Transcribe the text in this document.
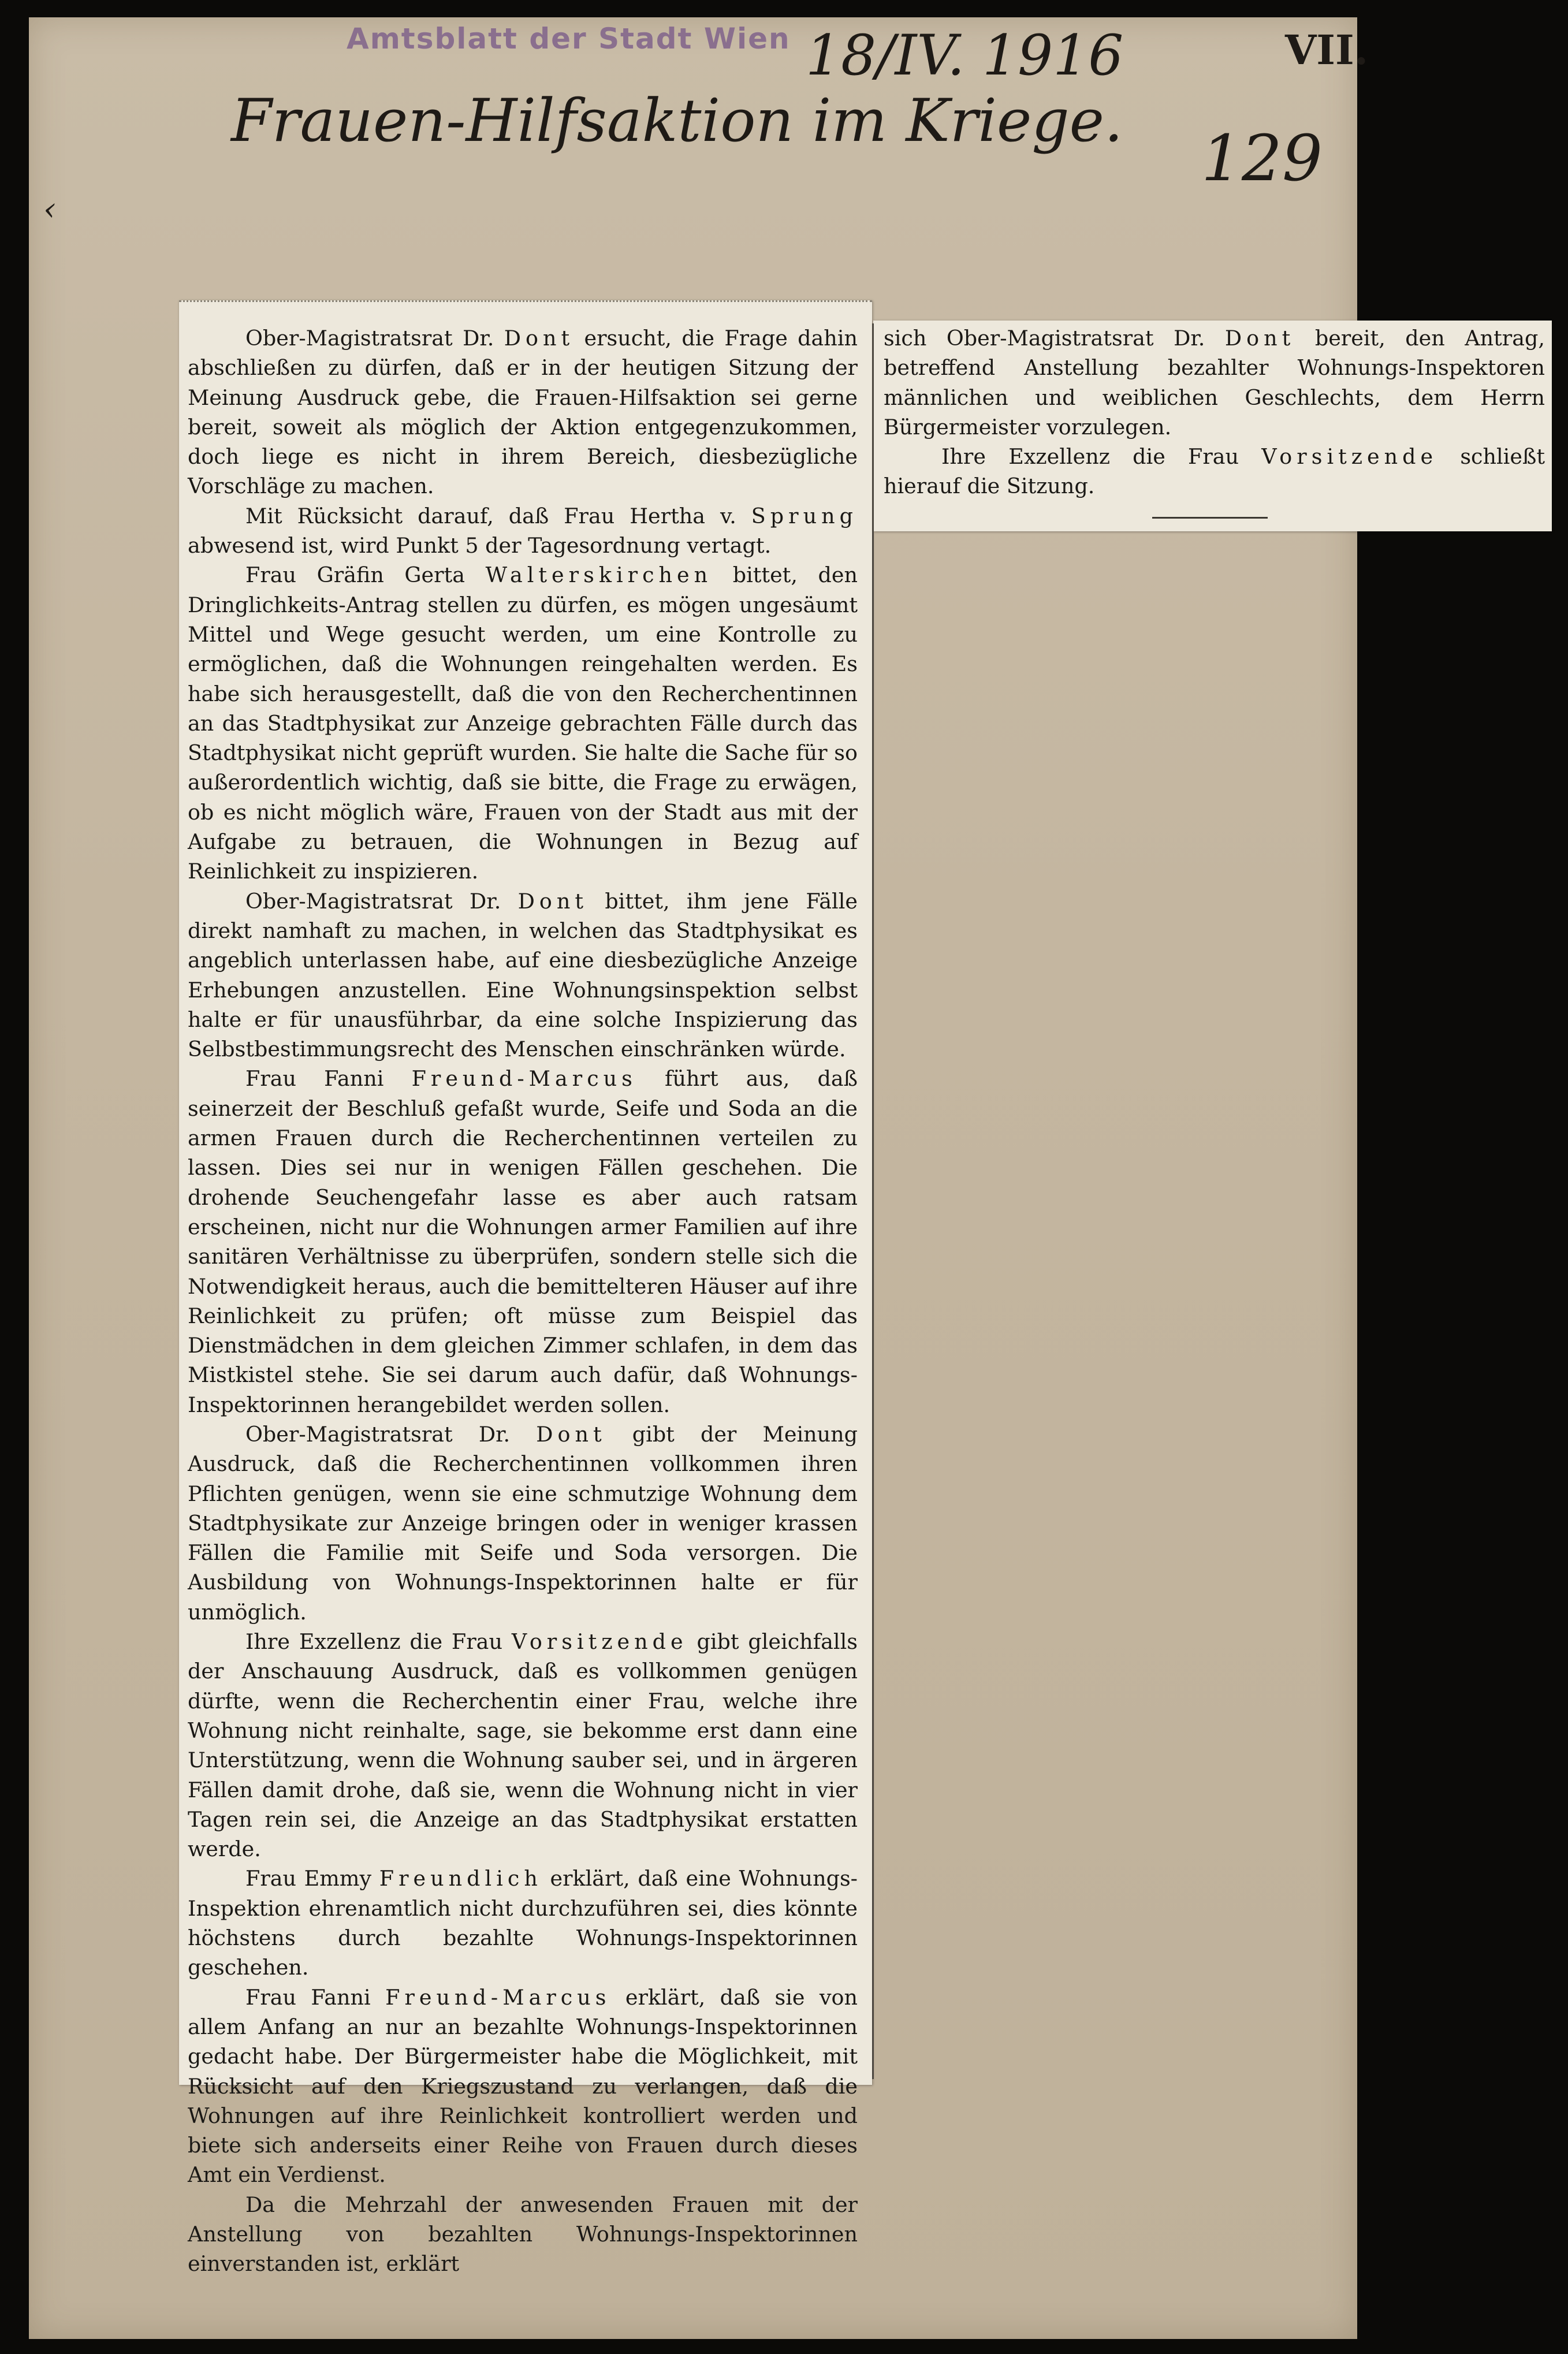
Amtsblatt der Stadt Wien 18/IV. 1916	VII.
Frauen-Hilfsaktion im Kriege.
129
‹

Ober-Magistratsrat Dr. Dont ersucht, die Frage dahin abschließen zu dürfen, daß er in der heutigen Sitzung der Meinung Ausdruck gebe, die Frauen-Hilfsaktion sei gerne bereit, soweit als möglich der Aktion entgegenzukommen, doch liege es nicht in ihrem Bereich, diesbezügliche Vorschläge zu machen.

Mit Rücksicht darauf, daß Frau Hertha v. Sprung abwesend ist, wird Punkt 5 der Tagesordnung vertagt.

Frau Gräfin Gerta Walterskirchen bittet, den Dringlichkeits-Antrag stellen zu dürfen, es mögen ungesäumt Mittel und Wege gesucht werden, um eine Kontrolle zu ermöglichen, daß die Wohnungen reingehalten werden. Es habe sich herausgestellt, daß die von den Recherchentinnen an das Stadtphysikat zur Anzeige gebrachten Fälle durch das Stadtphysikat nicht geprüft wurden. Sie halte die Sache für so außerordentlich wichtig, daß sie bitte, die Frage zu erwägen, ob es nicht möglich wäre, Frauen von der Stadt aus mit der Aufgabe zu betrauen, die Wohnungen in Bezug auf Reinlichkeit zu inspizieren.

Ober-Magistratsrat Dr. Dont bittet, ihm jene Fälle direkt namhaft zu machen, in welchen das Stadtphysikat es angeblich unterlassen habe, auf eine diesbezügliche Anzeige Erhebungen anzustellen. Eine Wohnungsinspektion selbst halte er für unausführbar, da eine solche Inspizierung das Selbstbestimmungsrecht des Menschen einschränken würde.

Frau Fanni Freund-Marcus führt aus, daß seinerzeit der Beschluß gefaßt wurde, Seife und Soda an die armen Frauen durch die Recherchentinnen verteilen zu lassen. Dies sei nur in wenigen Fällen geschehen. Die drohende Seuchengefahr lasse es aber auch ratsam erscheinen, nicht nur die Wohnungen armer Familien auf ihre sanitären Verhältnisse zu überprüfen, sondern stelle sich die Notwendigkeit heraus, auch die bemittelteren Häuser auf ihre Reinlichkeit zu prüfen; oft müsse zum Beispiel das Dienstmädchen in dem gleichen Zimmer schlafen, in dem das Mistkistel stehe. Sie sei darum auch dafür, daß Wohnungs-Inspektorinnen herangebildet werden sollen.

Ober-Magistratsrat Dr. Dont gibt der Meinung Ausdruck, daß die Recherchentinnen vollkommen ihren Pflichten genügen, wenn sie eine schmutzige Wohnung dem Stadtphysikate zur Anzeige bringen oder in weniger krassen Fällen die Familie mit Seife und Soda versorgen. Die Ausbildung von Wohnungs-Inspektorinnen halte er für unmöglich.

Ihre Exzellenz die Frau Vorsitzende gibt gleichfalls der Anschauung Ausdruck, daß es vollkommen genügen dürfte, wenn die Recherchentin einer Frau, welche ihre Wohnung nicht reinhalte, sage, sie bekomme erst dann eine Unterstützung, wenn die Wohnung sauber sei, und in ärgeren Fällen damit drohe, daß sie, wenn die Wohnung nicht in vier Tagen rein sei, die Anzeige an das Stadtphysikat erstatten werde.

Frau Emmy Freundlich erklärt, daß eine Wohnungs-Inspektion ehrenamtlich nicht durchzuführen sei, dies könnte höchstens durch bezahlte Wohnungs-Inspektorinnen geschehen.

Frau Fanni Freund-Marcus erklärt, daß sie von allem Anfang an nur an bezahlte Wohnungs-Inspektorinnen gedacht habe. Der Bürgermeister habe die Möglichkeit, mit Rücksicht auf den Kriegszustand zu verlangen, daß die Wohnungen auf ihre Reinlichkeit kontrolliert werden und biete sich anderseits einer Reihe von Frauen durch dieses Amt ein Verdienst.

Da die Mehrzahl der anwesenden Frauen mit der Anstellung von bezahlten Wohnungs-Inspektorinnen einverstanden ist, erklärt

sich Ober-Magistratsrat Dr. Dont bereit, den Antrag, betreffend Anstellung bezahlter Wohnungs-Inspektoren männlichen und weiblichen Geschlechts, dem Herrn Bürgermeister vorzulegen.

Ihre Exzellenz die Frau Vorsitzende schließt hierauf die Sitzung.
